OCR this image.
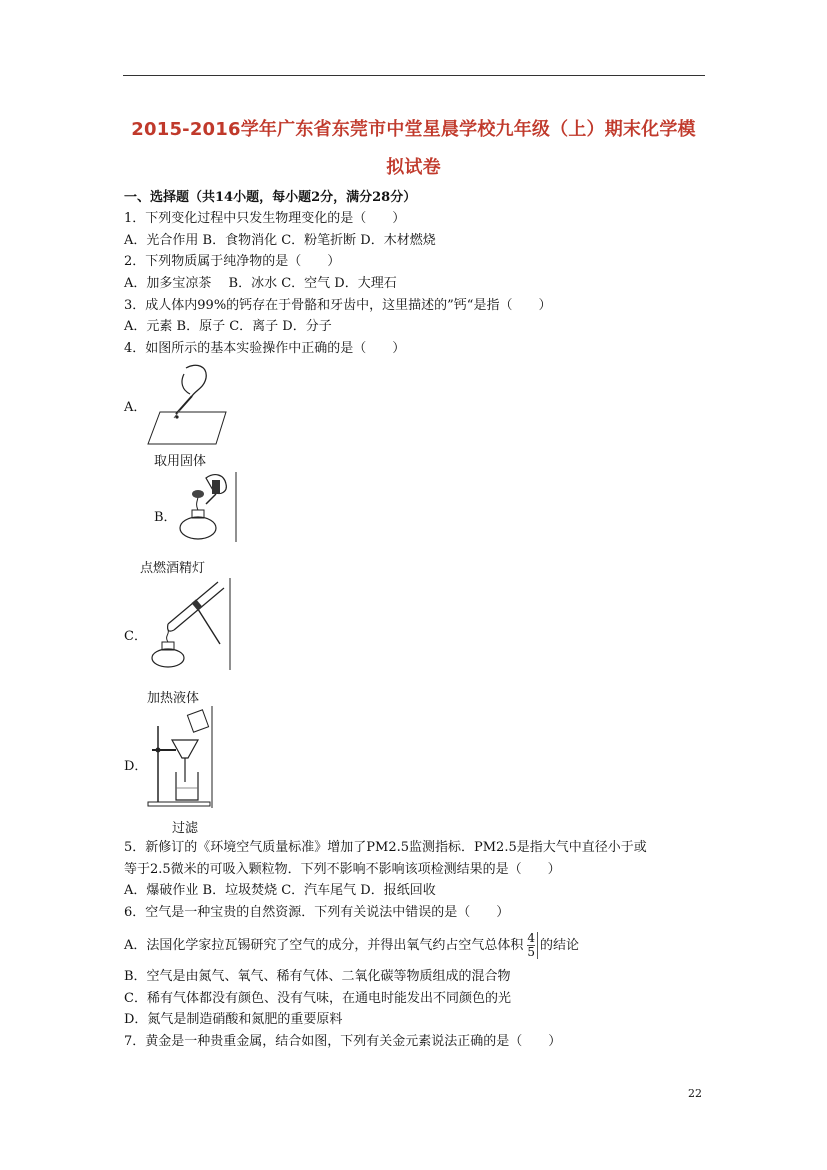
2015-2016学年广东省东莞市中堂星晨学校九年级（上）期末化学模
拟试卷
一、选择题（共14小题，每小题2分，满分28分）
1．下列变化过程中只发生物理变化的是（　　）
A．光合作用 B．食物消化 C．粉笔折断 D．木材燃烧
2．下列物质属于纯净物的是（　　）
A．加多宝凉茶　 B．冰水 C．空气 D．大理石
3．成人体内99%的钙存在于骨骼和牙齿中，这里描述的”钙“是指（　　）
A．元素 B．原子 C．离子 D．分子
4．如图所示的基本实验操作中正确的是（　　）
A．
取用固体
B．
点燃酒精灯
C．
加热液体
D．
过滤
5．新修订的《环境空气质量标准》增加了PM2.5监测指标．PM2.5是指大气中直径小于或
等于2.5微米的可吸入颗粒物．下列不影响不影响该项检测结果的是（　　）
A．爆破作业 B．垃圾焚烧 C．汽车尾气 D．报纸回收
6．空气是一种宝贵的自然资源．下列有关说法中错误的是（　　）
A．法国化学家拉瓦锡研究了空气的成分，并得出氧气约占空气总体积 $\frac{4}{5}$ 的结论
B．空气是由氮气、氧气、稀有气体、二氧化碳等物质组成的混合物
C．稀有气体都没有颜色、没有气味，在通电时能发出不同颜色的光
D．氮气是制造硝酸和氮肥的重要原料
7．黄金是一种贵重金属，结合如图，下列有关金元素说法正确的是（　　）
22
